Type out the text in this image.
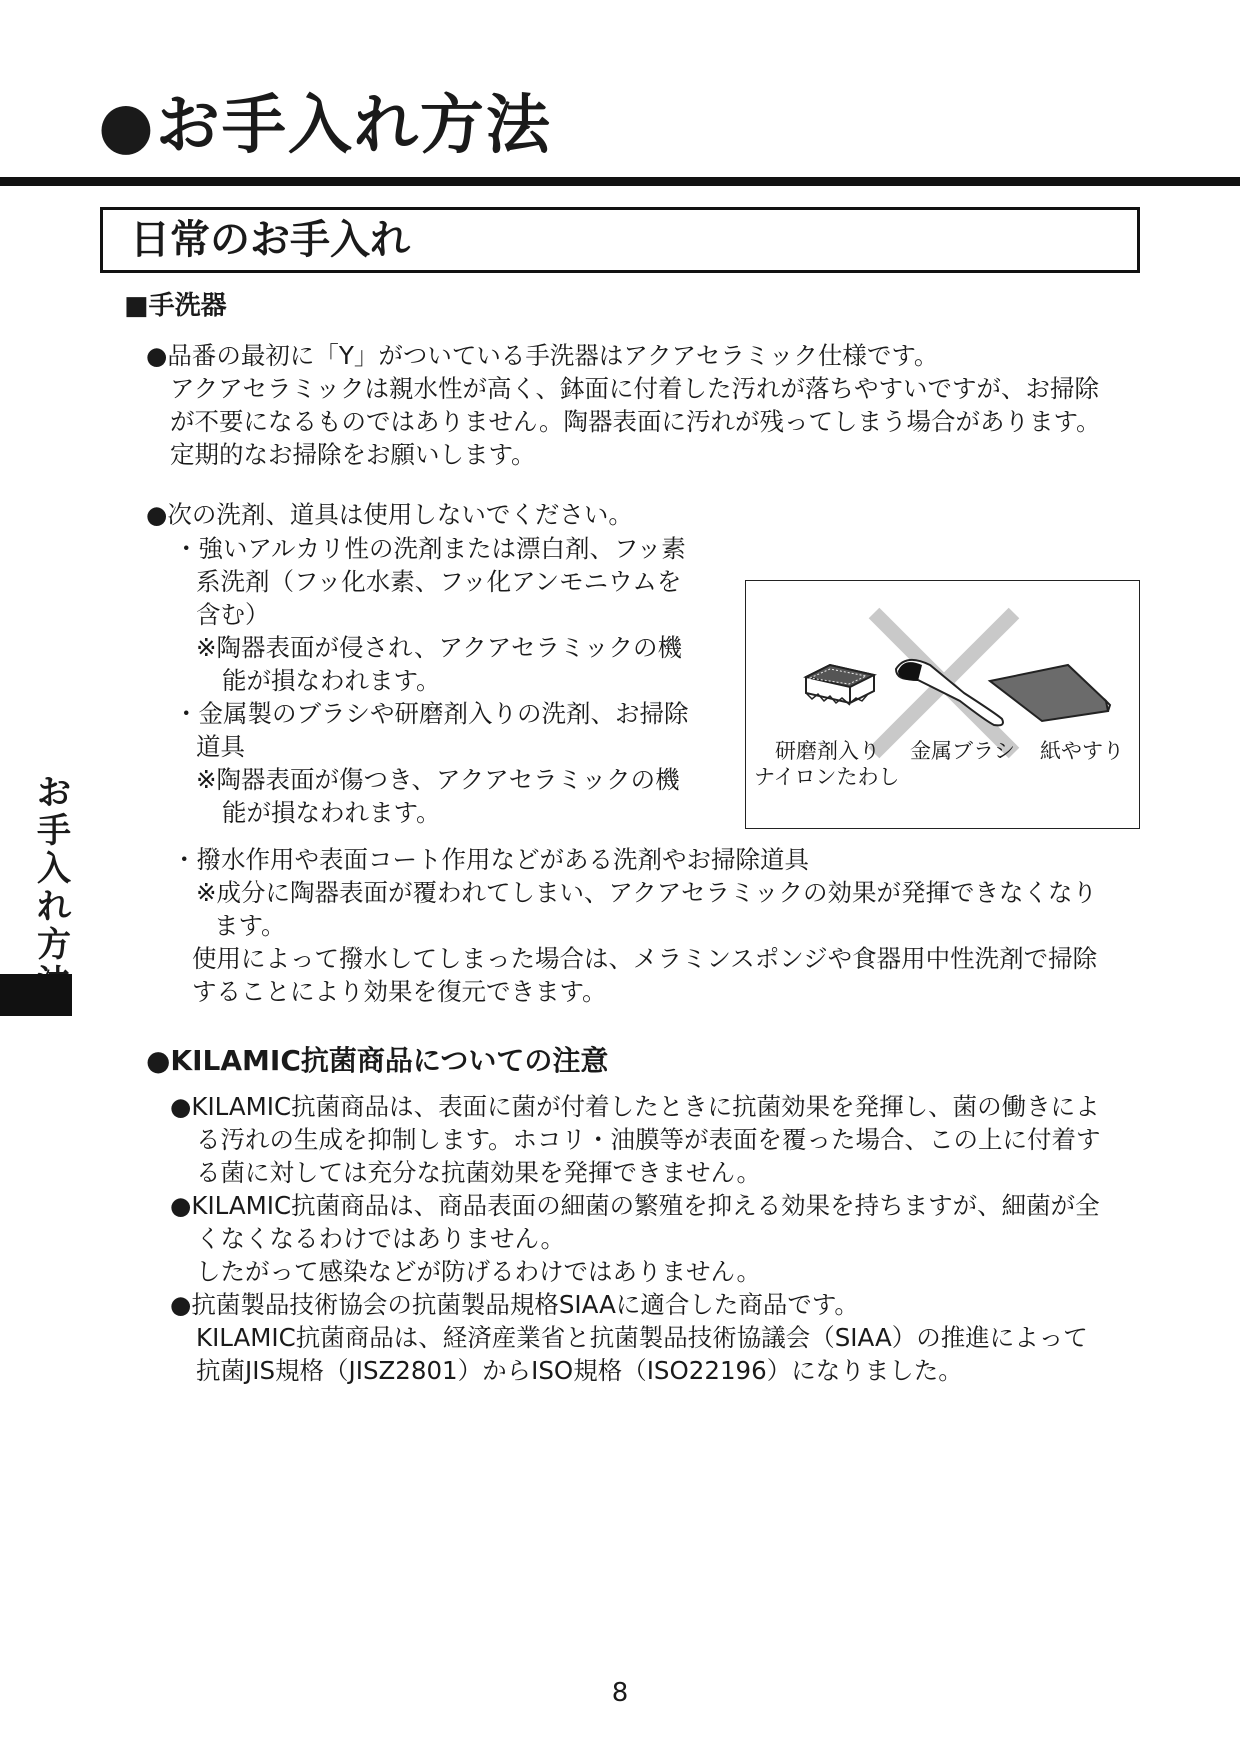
●お手入れ方法
日常のお手入れ
■手洗器
お
手
入
れ
方
●品番の最初に「Y」がついている手洗器はアクアセラミック仕様です。
アクアセラミックは親水性が高く、鉢面に付着した汚れが落ちやすいですが、お掃除
が不要になるものではありません。陶器表面に汚れが残ってしまう場合があります。
定期的なお掃除をお願いします。
●次の洗剤、道具は使用しないでください。
・強いアルカリ性の洗剤または漂白剤、フッ素
系洗剤（フッ化水素、フッ化アンモニウムを
含む）
※陶器表面が侵され、アクアセラミックの機
能が損なわれます。
・金属製のブラシや研磨剤入りの洗剤、お掃除
道具
※陶器表面が傷つき、アクアセラミックの機
能が損なわれます。
研磨剤入り
ナイロンたわし
金属ブラシ 紙やすり
・撥水作用や表面コート作用などがある洗剤やお掃除道具
※成分に陶器表面が覆われてしまい、アクアセラミックの効果が発揮できなくなり
ます。
使用によって撥水してしまった場合は、メラミンスポンジや食器用中性洗剤で掃除
することにより効果を復元できます。
●KILAMIC抗菌商品についての注意
●KILAMIC抗菌商品は、表面に菌が付着したときに抗菌効果を発揮し、菌の働きによ
る汚れの生成を抑制します。ホコリ・油膜等が表面を覆った場合、この上に付着す
る菌に対しては充分な抗菌効果を発揮できません。
●KILAMIC抗菌商品は、商品表面の細菌の繁殖を抑える効果を持ちますが、細菌が全
くなくなるわけではありません。
したがって感染などが防げるわけではありません。
●抗菌製品技術協会の抗菌製品規格SIAAに適合した商品です。
KILAMIC抗菌商品は、経済産業省と抗菌製品技術協議会（SIAA）の推進によって
抗菌JIS規格（JISZ2801）からISO規格（ISO22196）になりました。
8
